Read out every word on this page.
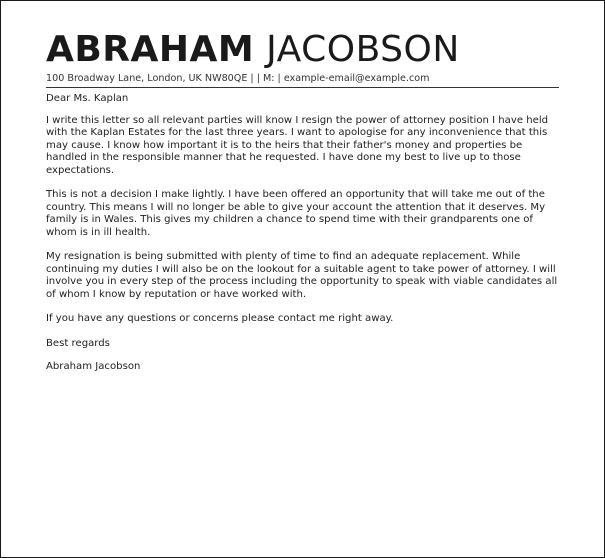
ABRAHAM JACOBSON
100 Broadway Lane, London, UK NW80QE | | M: | example-email@example.com

Dear Ms. Kaplan

I write this letter so all relevant parties will know I resign the power of attorney position I have held with the Kaplan Estates for the last three years. I want to apologise for any inconvenience that this may cause. I know how important it is to the heirs that their father's money and properties be handled in the responsible manner that he requested. I have done my best to live up to those expectations.

This is not a decision I make lightly. I have been offered an opportunity that will take me out of the country. This means I will no longer be able to give your account the attention that it deserves. My family is in Wales. This gives my children a chance to spend time with their grandparents one of whom is in ill health.

My resignation is being submitted with plenty of time to find an adequate replacement. While continuing my duties I will also be on the lookout for a suitable agent to take power of attorney. I will involve you in every step of the process including the opportunity to speak with viable candidates all of whom I know by reputation or have worked with.

If you have any questions or concerns please contact me right away.

Best regards

Abraham Jacobson
